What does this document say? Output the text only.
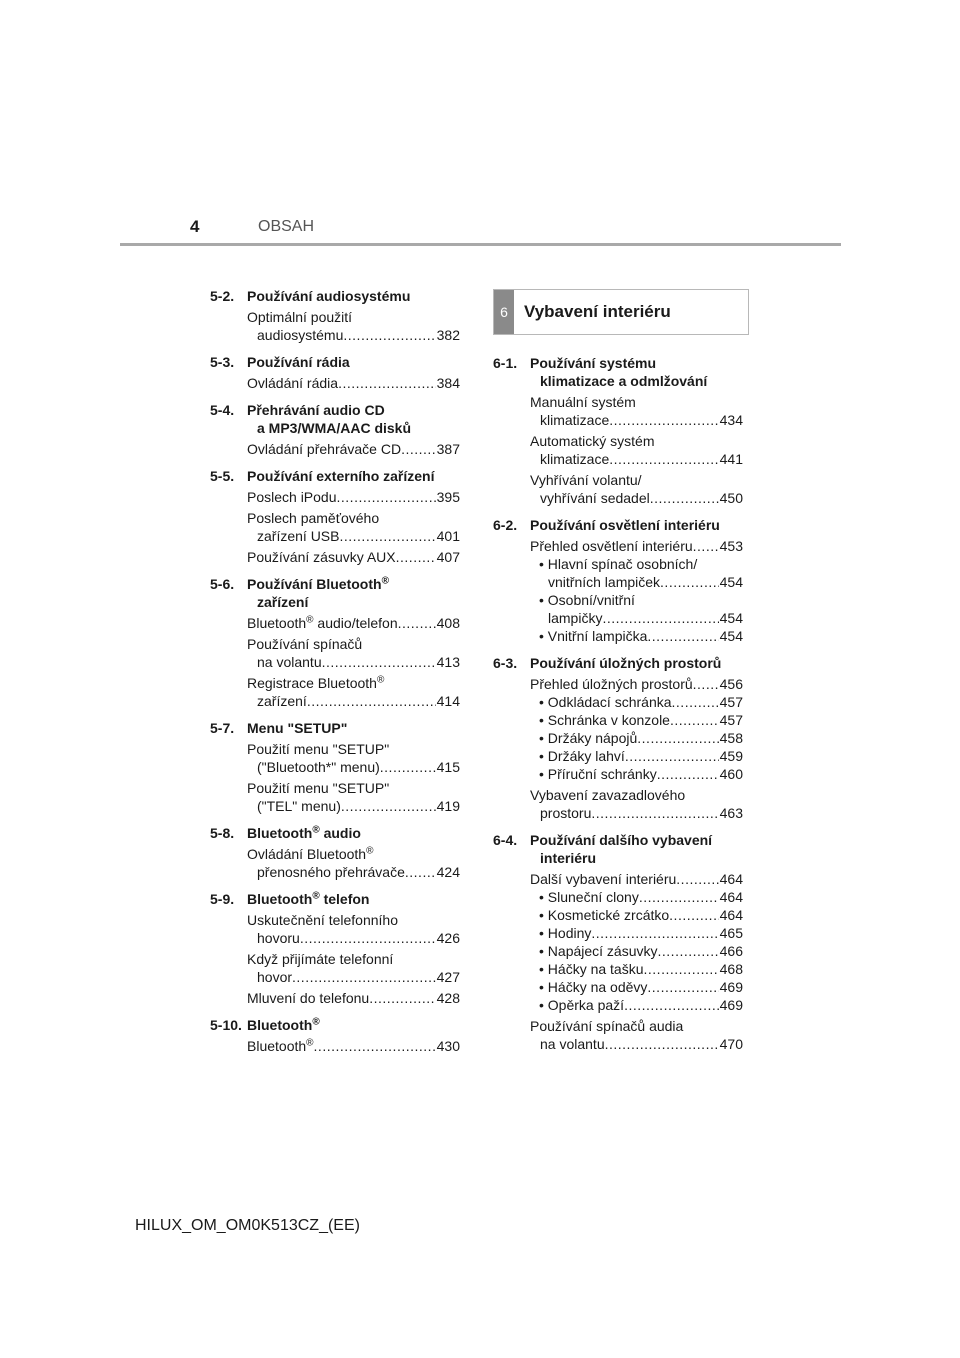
4	OBSAH
5-2. Používání audiosystému
Optimální použití
audiosystému .....	382
5-3. Používání rádia
Ovládání rádia .....	384
5-4. Přehrávání audio CD
a MP3/WMA/AAC disků
Ovládání přehrávače CD .....	387
5-5. Používání externího zařízení
Poslech iPodu .....	395
Poslech paměťového
zařízení USB .....	401
Používání zásuvky AUX .....	407
5-6. Používání Bluetooth®
zařízení
Bluetooth® audio/telefon .....	408
Používání spínačů
na volantu .....	413
Registrace Bluetooth®
zařízení .....	414
5-7. Menu "SETUP"
Použití menu "SETUP"
("Bluetooth*" menu) .....	415
Použití menu "SETUP"
("TEL" menu) .....	419
5-8. Bluetooth® audio
Ovládání Bluetooth®
přenosného přehrávače ..... 424
5-9. Bluetooth® telefon
Uskutečnění telefonního
hovoru .....	426
Když přijímáte telefonní
hovor .....	427
Mluvení do telefonu .....	428
5-10. Bluetooth®
Bluetooth® .....	430
6 Vybavení interiéru
6-1. Používání systému
klimatizace a odmlžování
Manuální systém
klimatizace .....	434
Automatický systém
klimatizace .....	441
Vyhřívání volantu/
vyhřívání sedadel .....	450
6-2. Používání osvětlení interiéru
Přehled osvětlení interiéru ..... 453
• Hlavní spínač osobních/
vnitřních lampiček .....	454
• Osobní/vnitřní
lampičky .....	454
• Vnitřní lampička .....	454
6-3. Používání úložných prostorů
Přehled úložných prostorů ..... 456
• Odkládací schránka .....	457
• Schránka v konzole .....	457
• Držáky nápojů .....	458
• Držáky lahví .....	459
• Příruční schránky .....	460
Vybavení zavazadlového
prostoru .....	463
6-4. Používání dalšího vybavení
interiéru
Další vybavení interiéru .....	464
• Sluneční clony .....	464
• Kosmetické zrcátko .....	464
• Hodiny .....	465
• Napájecí zásuvky .....	466
• Háčky na tašku .....	468
• Háčky na oděvy .....	469
• Opěrka paží .....	469
Používání spínačů audia
na volantu .....	470
HILUX_OM_OM0K513CZ_(EE)
